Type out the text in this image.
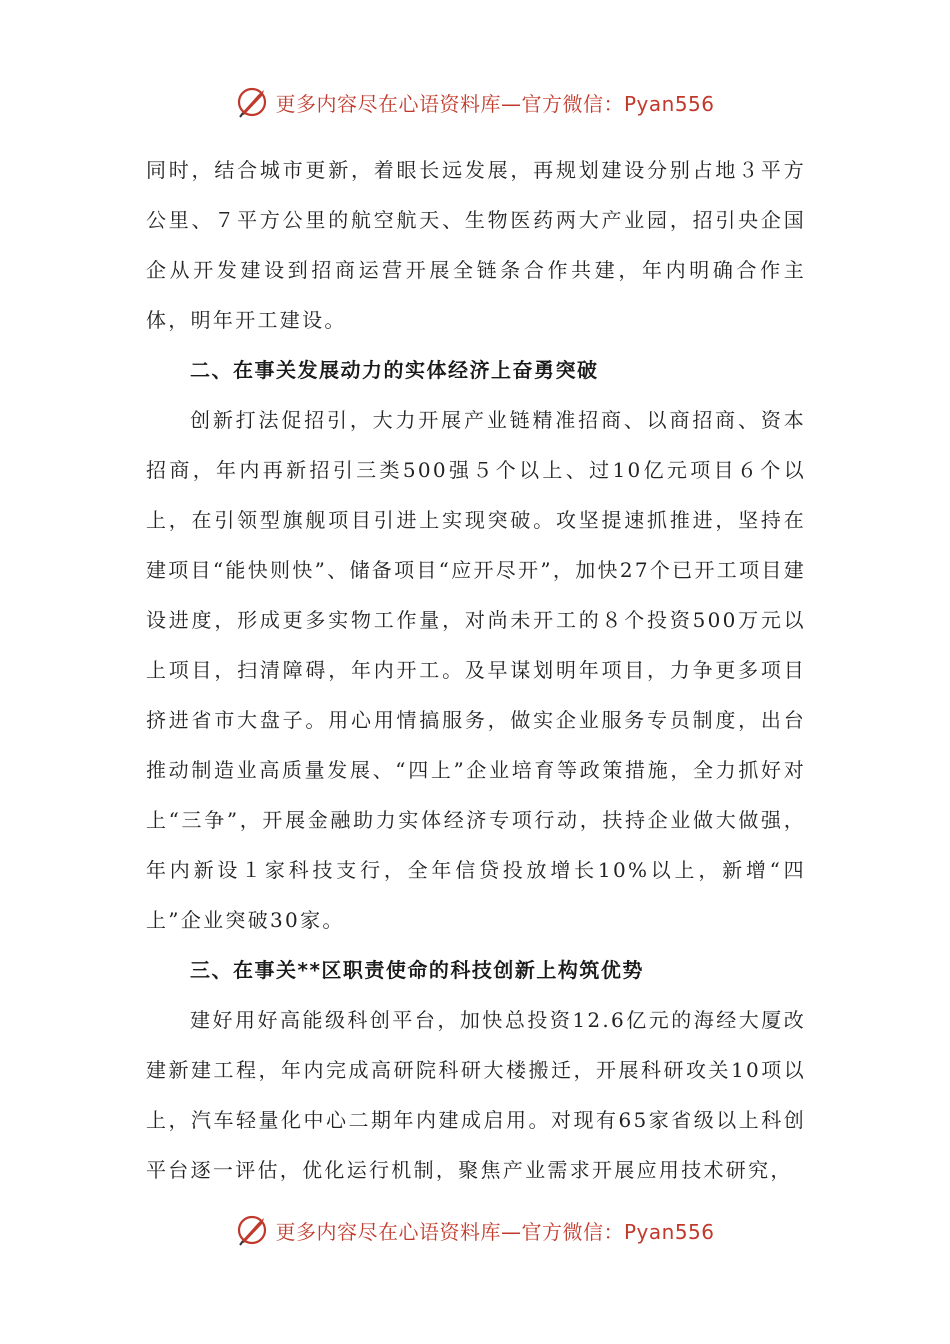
更多内容尽在心语资料库—官方微信：Pyan556

同时，结合城市更新，着眼长远发展，再规划建设分别占地３平方公里、７平方公里的航空航天、生物医药两大产业园，招引央企国企从开发建设到招商运营开展全链条合作共建，年内明确合作主体，明年开工建设。

二、在事关发展动力的实体经济上奋勇突破

创新打法促招引，大力开展产业链精准招商、以商招商、资本招商，年内再新招引三类500强５个以上、过10亿元项目６个以上，在引领型旗舰项目引进上实现突破。攻坚提速抓推进，坚持在建项目“能快则快”、储备项目“应开尽开”，加快27个已开工项目建设进度，形成更多实物工作量，对尚未开工的８个投资500万元以上项目，扫清障碍，年内开工。及早谋划明年项目，力争更多项目挤进省市大盘子。用心用情搞服务，做实企业服务专员制度，出台推动制造业高质量发展、“四上”企业培育等政策措施，全力抓好对上“三争”，开展金融助力实体经济专项行动，扶持企业做大做强，年内新设１家科技支行，全年信贷投放增长10%以上，新增“四上”企业突破30家。

三、在事关**区职责使命的科技创新上构筑优势

建好用好高能级科创平台，加快总投资12.6亿元的海经大厦改建新建工程，年内完成高研院科研大楼搬迁，开展科研攻关10项以上，汽车轻量化中心二期年内建成启用。对现有65家省级以上科创平台逐一评估，优化运行机制，聚焦产业需求开展应用技术研究，

更多内容尽在心语资料库—官方微信：Pyan556
